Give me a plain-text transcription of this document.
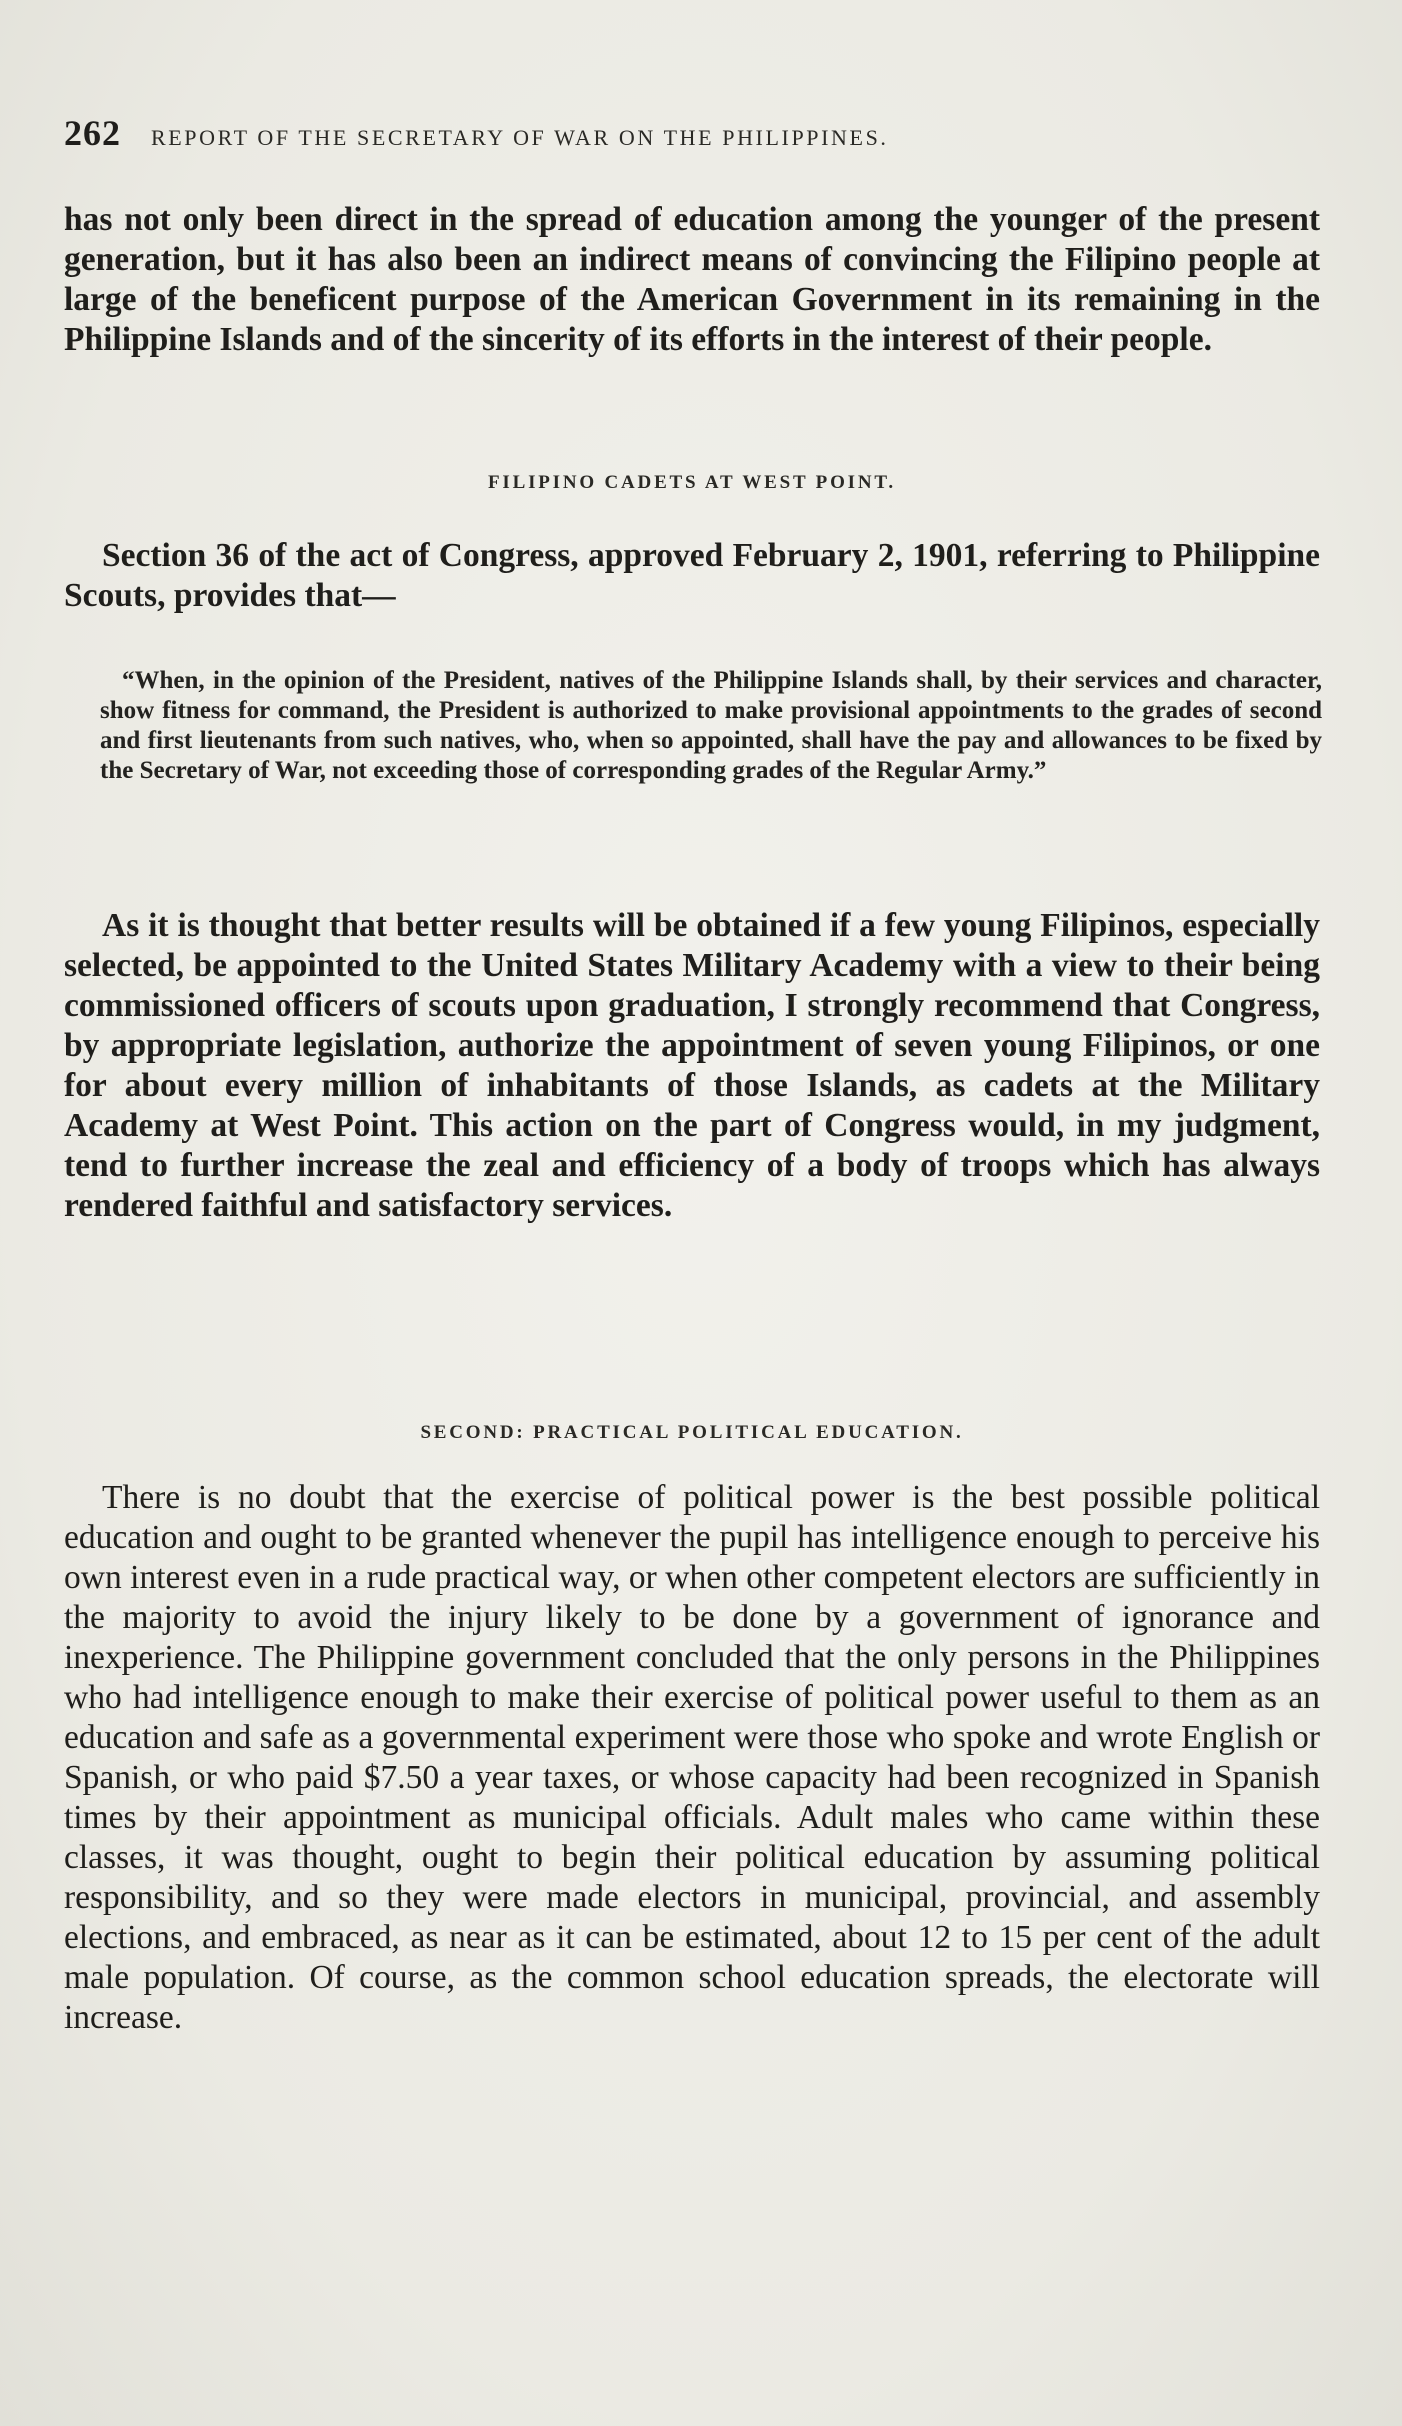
262 REPORT OF THE SECRETARY OF WAR ON THE PHILIPPINES.

has not only been direct in the spread of education among the younger of the present generation, but it has also been an indirect means of convincing the Filipino people at large of the beneficent purpose of the American Government in its remaining in the Philippine Islands and of the sincerity of its efforts in the interest of their people.

FILIPINO CADETS AT WEST POINT.

Section 36 of the act of Congress, approved February 2, 1901, referring to Philippine Scouts, provides that—

“When, in the opinion of the President, natives of the Philippine Islands shall, by their services and character, show fitness for command, the President is authorized to make provisional appointments to the grades of second and first lieutenants from such natives, who, when so appointed, shall have the pay and allowances to be fixed by the Secretary of War, not exceeding those of corresponding grades of the Regular Army.”

As it is thought that better results will be obtained if a few young Filipinos, especially selected, be appointed to the United States Military Academy with a view to their being commissioned officers of scouts upon graduation, I strongly recommend that Congress, by appropriate legislation, authorize the appointment of seven young Filipinos, or one for about every million of inhabitants of those Islands, as cadets at the Military Academy at West Point. This action on the part of Congress would, in my judgment, tend to further increase the zeal and efficiency of a body of troops which has always rendered faithful and satisfactory services.

SECOND: PRACTICAL POLITICAL EDUCATION.

There is no doubt that the exercise of political power is the best possible political education and ought to be granted whenever the pupil has intelligence enough to perceive his own interest even in a rude practical way, or when other competent electors are sufficiently in the majority to avoid the injury likely to be done by a government of ignorance and inexperience. The Philippine government concluded that the only persons in the Philippines who had intelligence enough to make their exercise of political power useful to them as an education and safe as a governmental experiment were those who spoke and wrote English or Spanish, or who paid $7.50 a year taxes, or whose capacity had been recognized in Spanish times by their appointment as municipal officials. Adult males who came within these classes, it was thought, ought to begin their political education by assuming political responsibility, and so they were made electors in municipal, provincial, and assembly elections, and embraced, as near as it can be estimated, about 12 to 15 per cent of the adult male population. Of course, as the common school education spreads, the electorate will increase.
